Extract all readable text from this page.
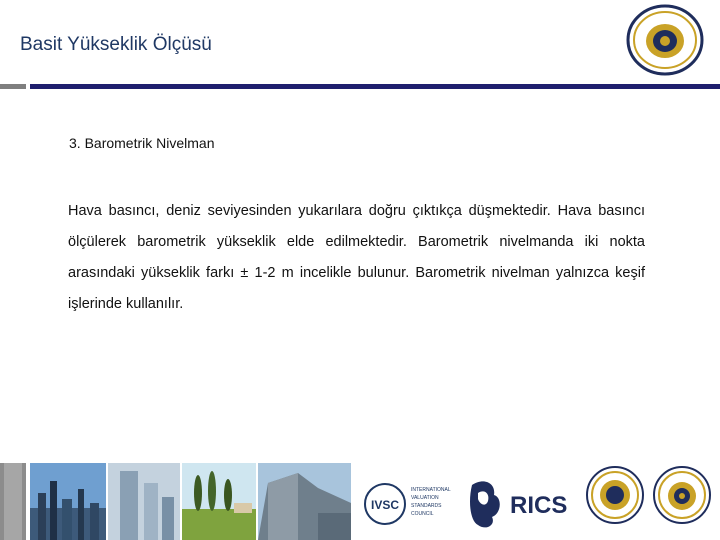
Basit Yükseklik Ölçüsü
3. Barometrik Nivelman

Hava basıncı, deniz seviyesinden yukarılara doğru çıktıkça düşmektedir. Hava basıncı ölçülerek barometrik yükseklik elde edilmektedir. Barometrik nivelmanda iki nokta arasındaki yükseklik farkı ± 1-2 m incelikle bulunur. Barometrik nivelman yalnızca keşif işlerinde kullanılır.

IVSC
INTERNATIONAL
VALUATION
STANDARDS
COUNCIL	RICS
